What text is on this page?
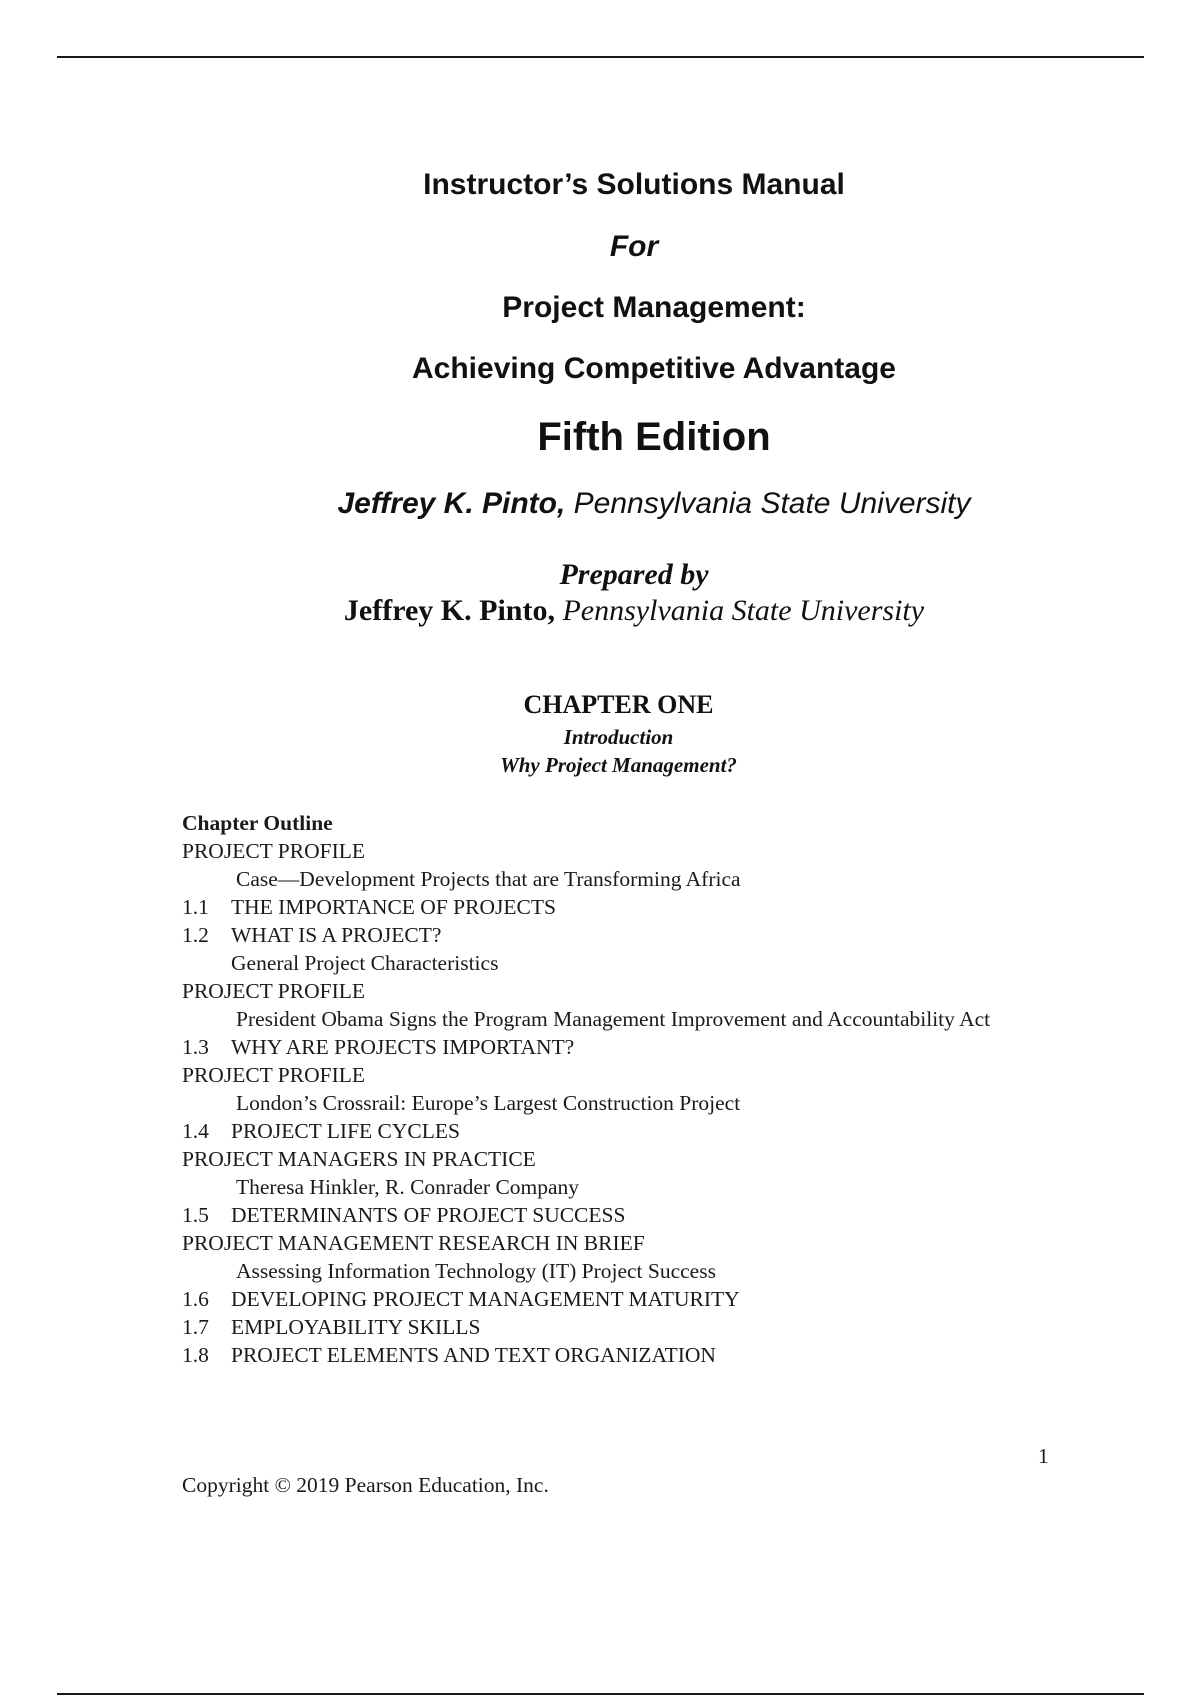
Instructor’s Solutions Manual
For
Project Management:
Achieving Competitive Advantage
Fifth Edition
Jeffrey K. Pinto, Pennsylvania State University
Prepared by
Jeffrey K. Pinto, Pennsylvania State University
CHAPTER ONE
Introduction
Why Project Management?
Chapter Outline
PROJECT PROFILE
Case—Development Projects that are Transforming Africa
1.1 THE IMPORTANCE OF PROJECTS
1.2 WHAT IS A PROJECT?
General Project Characteristics
PROJECT PROFILE
President Obama Signs the Program Management Improvement and Accountability Act
1.3 WHY ARE PROJECTS IMPORTANT?
PROJECT PROFILE
London’s Crossrail: Europe’s Largest Construction Project
1.4 PROJECT LIFE CYCLES
PROJECT MANAGERS IN PRACTICE
Theresa Hinkler, R. Conrader Company
1.5 DETERMINANTS OF PROJECT SUCCESS
PROJECT MANAGEMENT RESEARCH IN BRIEF
Assessing Information Technology (IT) Project Success
1.6 DEVELOPING PROJECT MANAGEMENT MATURITY
1.7 EMPLOYABILITY SKILLS
1.8 PROJECT ELEMENTS AND TEXT ORGANIZATION
1
Copyright © 2019 Pearson Education, Inc.
